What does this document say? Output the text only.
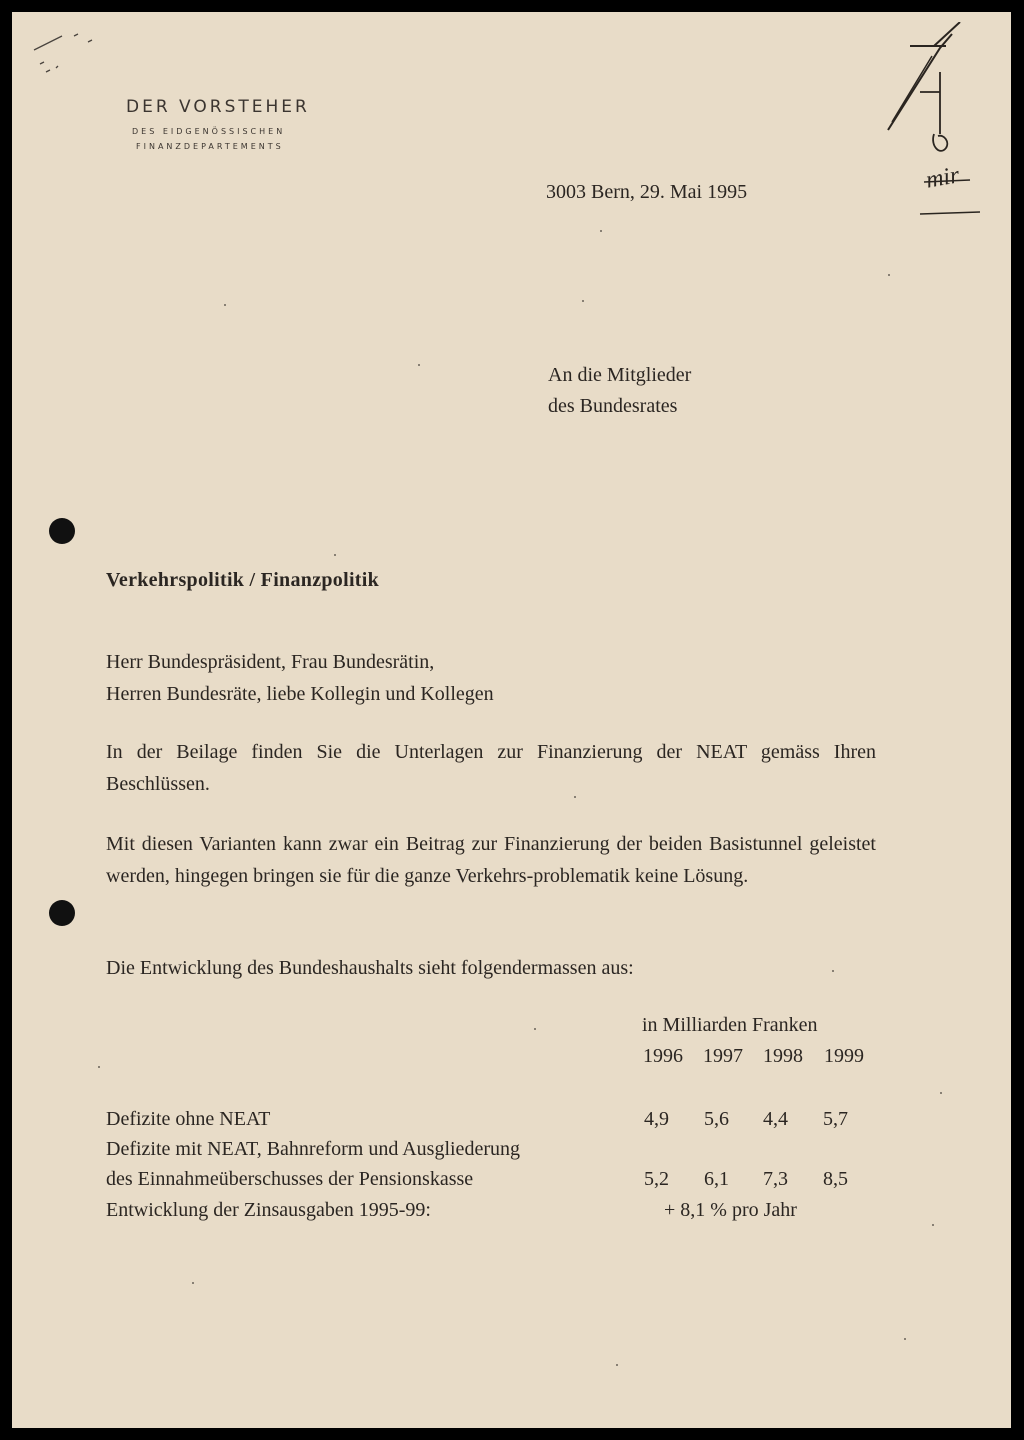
DER VORSTEHER
DES EIDGENÖSSISCHEN
FINANZDEPARTEMENTS
3003 Bern, 29. Mai 1995	mir
An die Mitglieder
des Bundesrates
Verkehrspolitik / Finanzpolitik
Herr Bundespräsident, Frau Bundesrätin,
Herren Bundesräte, liebe Kollegin und Kollegen
In der Beilage finden Sie die Unterlagen zur Finanzierung der NEAT gemäss Ihren Beschlüssen.
Mit diesen Varianten kann zwar ein Beitrag zur Finanzierung der beiden Basistunnel geleistet werden, hingegen bringen sie für die ganze Verkehrs-problematik keine Lösung.
Die Entwicklung des Bundeshaushalts sieht folgendermassen aus:
in Milliarden Franken
1996 1997 1998 1999
Defizite ohne NEAT	4,9 5,6 4,4 5,7
Defizite mit NEAT, Bahnreform und Ausgliederung
des Einnahmeüberschusses der Pensionskasse	5,2 6,1 7,3 8,5
Entwicklung der Zinsausgaben 1995-99:	+ 8,1 % pro Jahr
